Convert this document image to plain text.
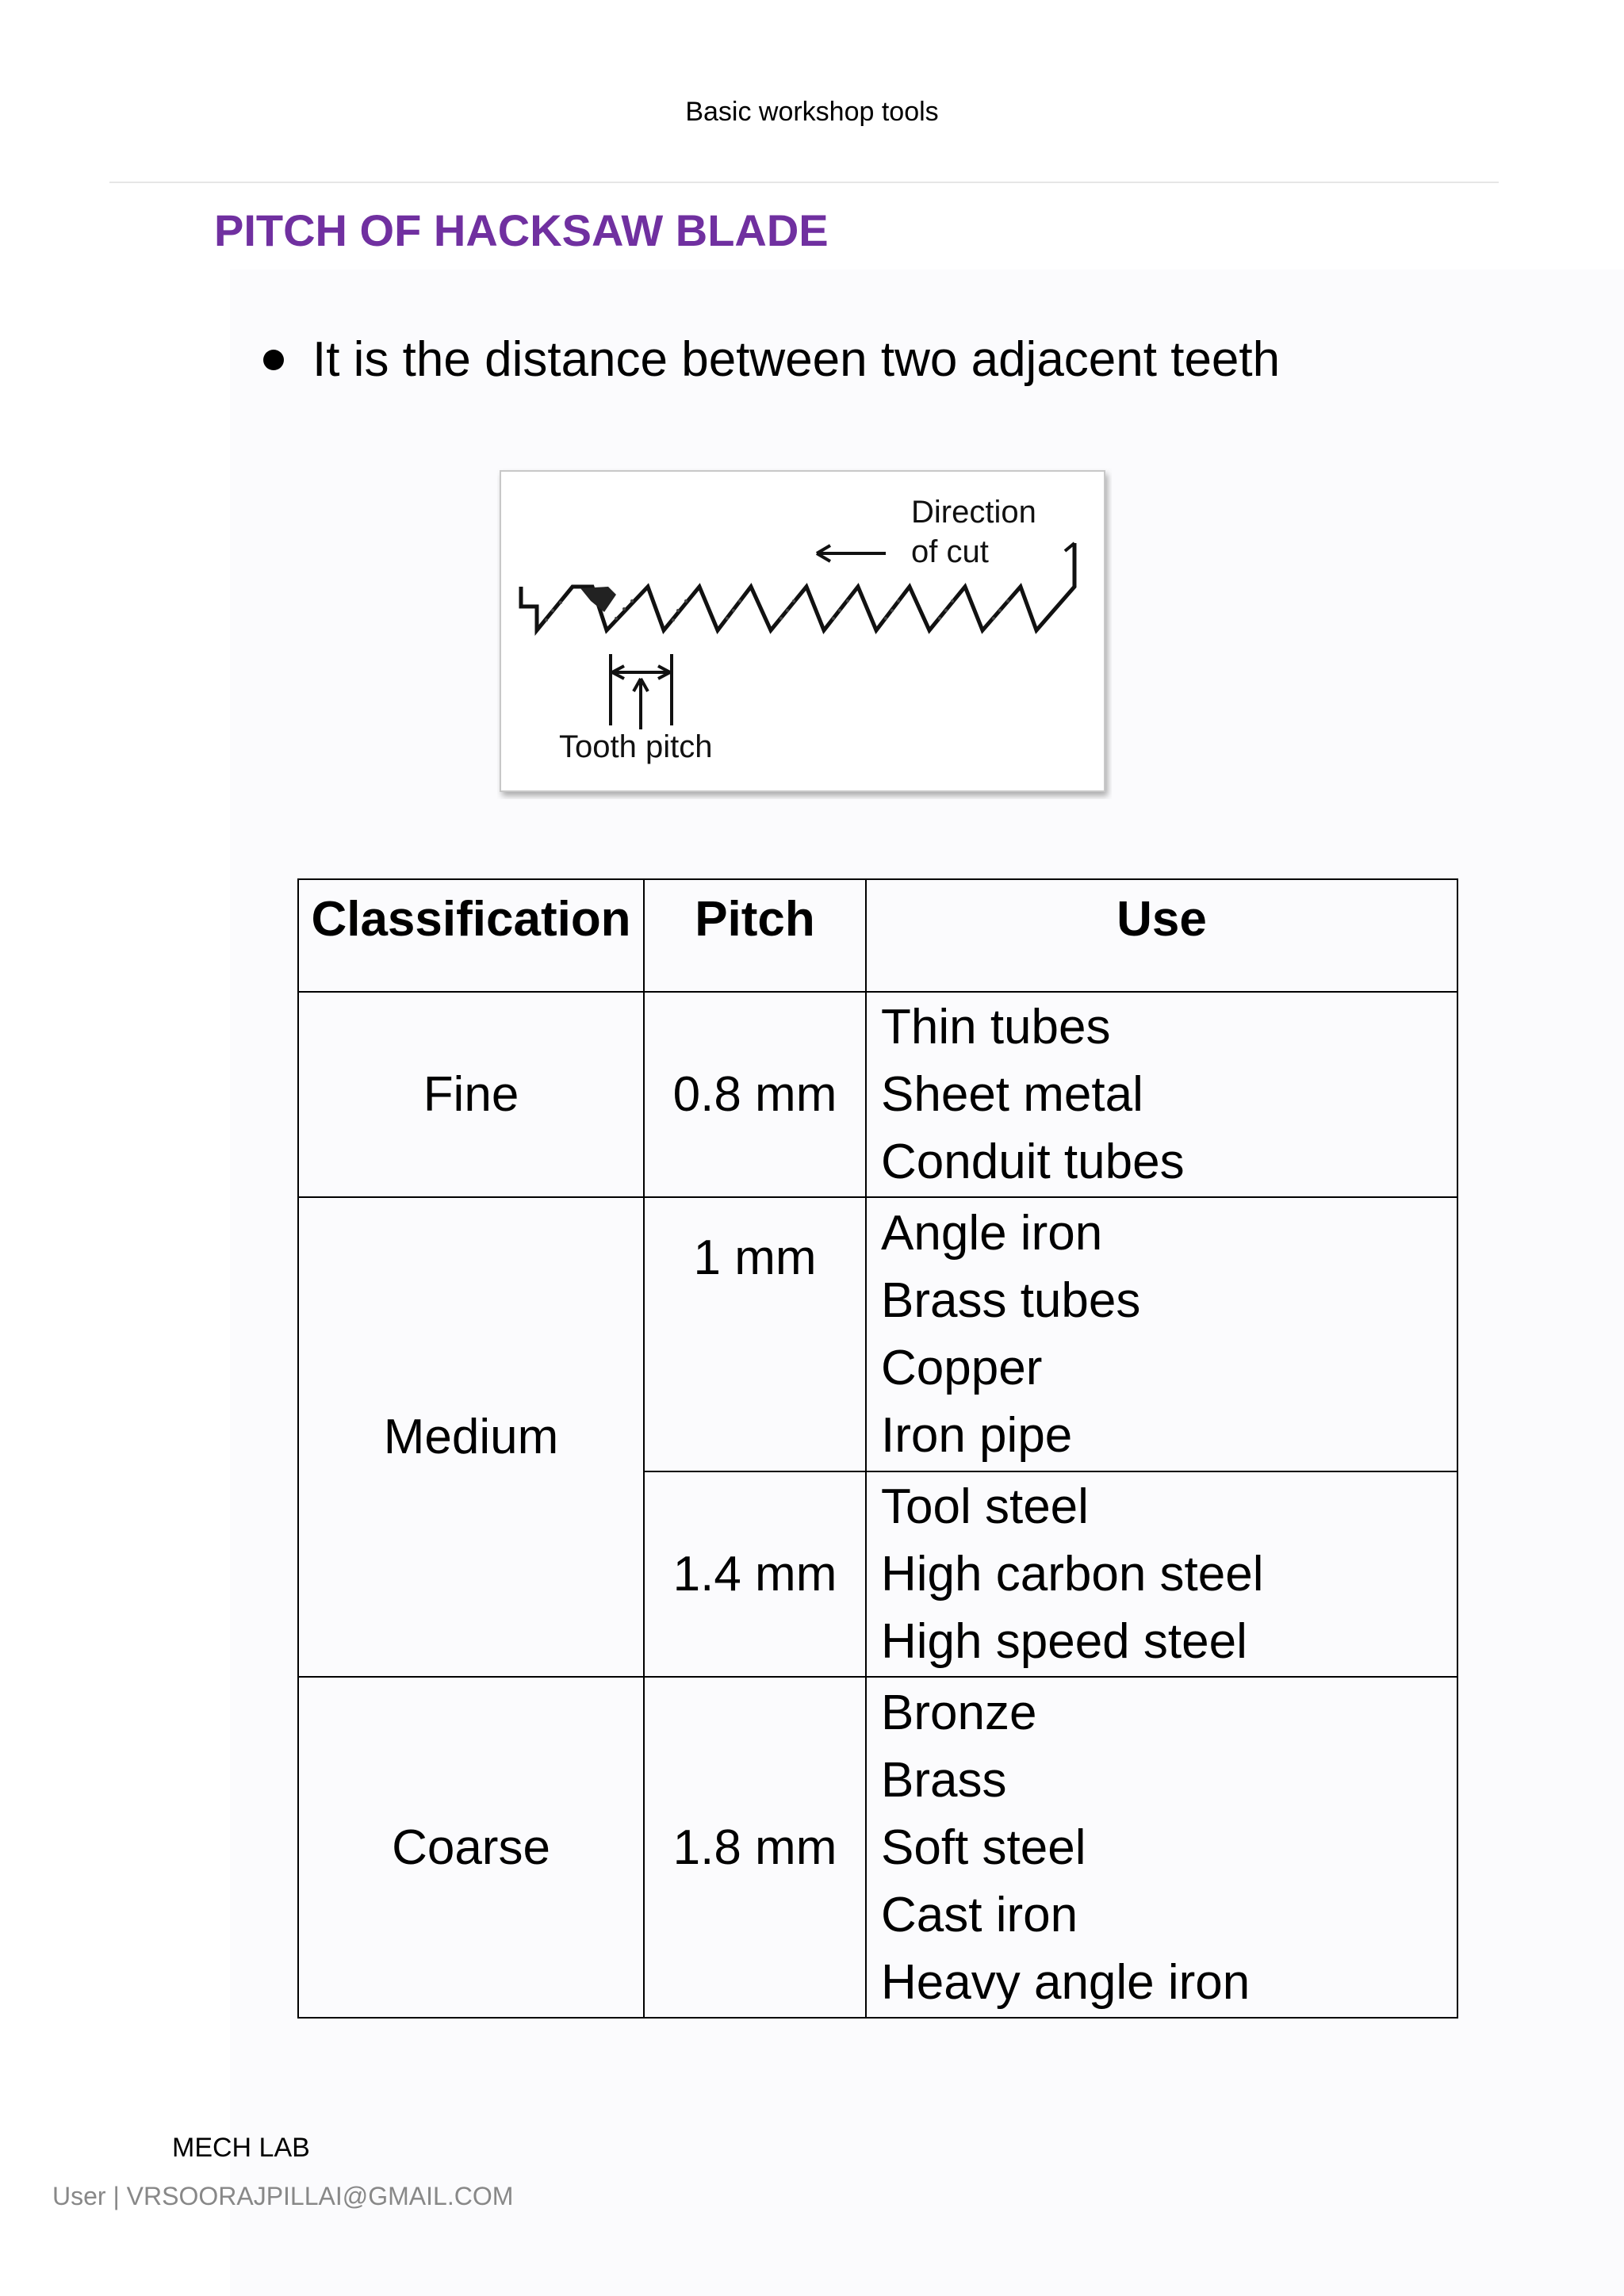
Basic workshop tools
PITCH OF HACKSAW BLADE
It is the distance between two adjacent teeth
Direction
of cut
Tooth pitch
Classification	Pitch	Use
Fine	0.8 mm	Thin tubes
Sheet metal
Conduit tubes

Medium	1 mm	Angle iron
Brass tubes
Copper
Iron pipe

	1.4 mm	Tool steel
High carbon steel
High speed steel

Coarse	1.8 mm	Bronze
Brass
Soft steel
Cast iron
Heavy angle iron
MECH LAB
User | VRSOORAJPILLAI@GMAIL.COM
